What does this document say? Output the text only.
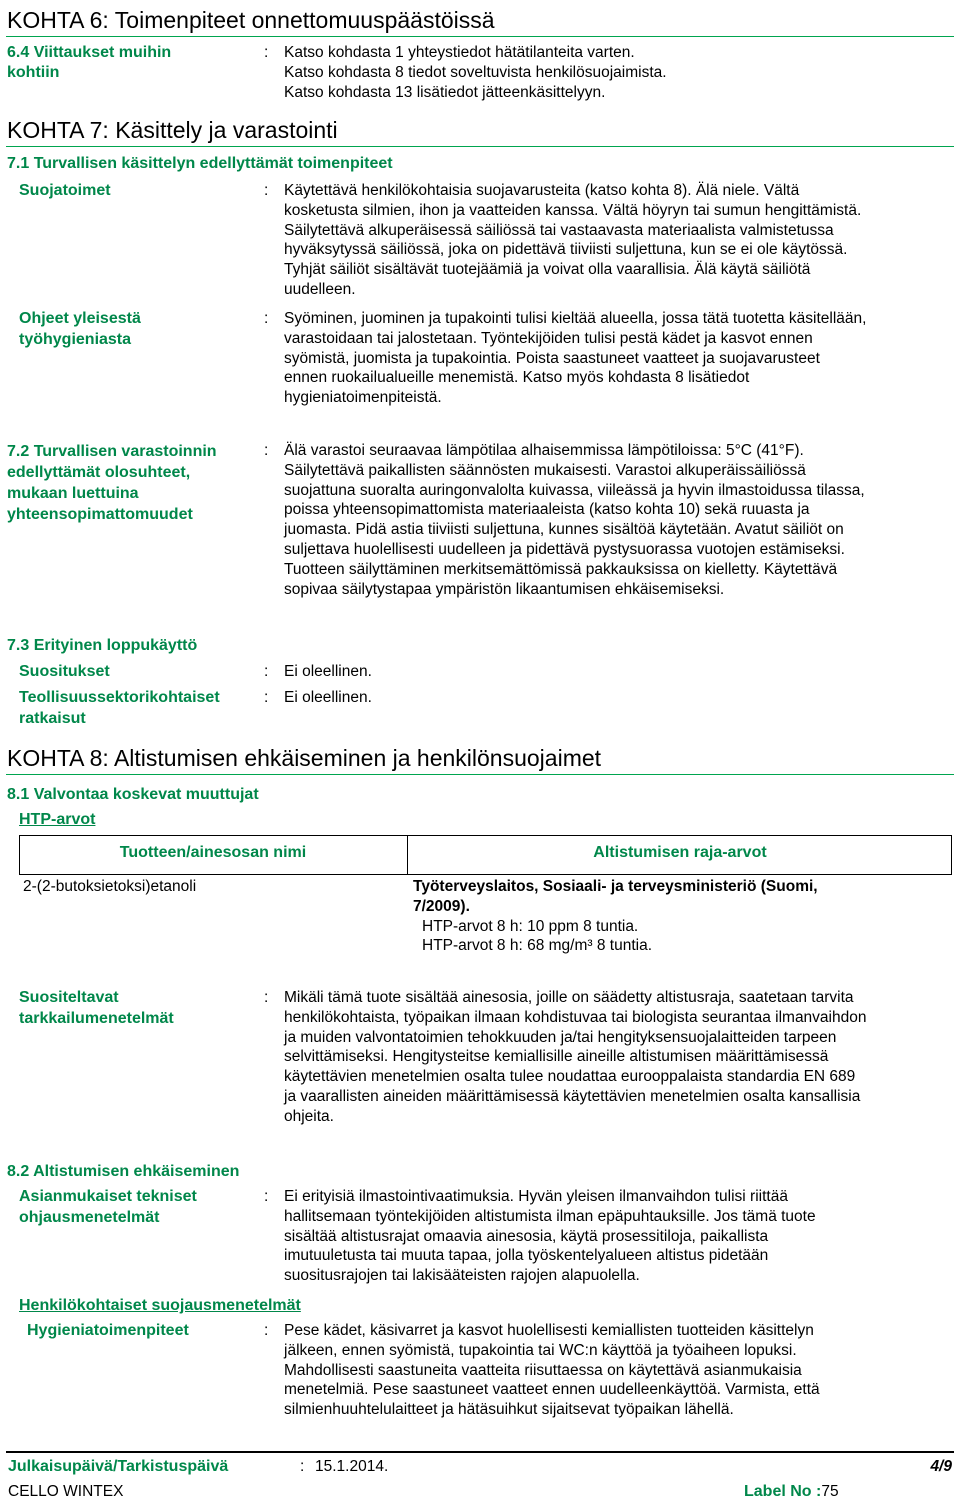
KOHTA 6: Toimenpiteet onnettomuuspäästöissä
6.4 Viittaukset muihin
kohtiin
: Katso kohdasta 1 yhteystiedot hätätilanteita varten.
Katso kohdasta 8 tiedot soveltuvista henkilösuojaimista.
Katso kohdasta 13 lisätiedot jätteenkäsittelyyn.
KOHTA 7: Käsittely ja varastointi
7.1 Turvallisen käsittelyn edellyttämät toimenpiteet
Suojatoimet	: Käytettävä henkilökohtaisia suojavarusteita (katso kohta 8). Älä niele. Vältä
kosketusta silmien, ihon ja vaatteiden kanssa. Vältä höyryn tai sumun hengittämistä.
Säilytettävä alkuperäisessä säiliössä tai vastaavasta materiaalista valmistetussa
hyväksytyssä säiliössä, joka on pidettävä tiiviisti suljettuna, kun se ei ole käytössä.
Tyhjät säiliöt sisältävät tuotejäämiä ja voivat olla vaarallisia. Älä käytä säiliötä
uudelleen.
Ohjeet yleisestä
työhygieniasta
: Syöminen, juominen ja tupakointi tulisi kieltää alueella, jossa tätä tuotetta käsitellään,
varastoidaan tai jalostetaan. Työntekijöiden tulisi pestä kädet ja kasvot ennen
syömistä, juomista ja tupakointia. Poista saastuneet vaatteet ja suojavarusteet
ennen ruokailualueille menemistä. Katso myös kohdasta 8 lisätiedot
hygieniatoimenpiteistä.
7.2 Turvallisen varastoinnin
edellyttämät olosuhteet,
mukaan luettuina
yhteensopimattomuudet
: Älä varastoi seuraavaa lämpötilaa alhaisemmissa lämpötiloissa: 5°C (41°F).
Säilytettävä paikallisten säännösten mukaisesti. Varastoi alkuperäissäiliössä
suojattuna suoralta auringonvalolta kuivassa, viileässä ja hyvin ilmastoidussa tilassa,
poissa yhteensopimattomista materiaaleista (katso kohta 10) sekä ruuasta ja
juomasta. Pidä astia tiiviisti suljettuna, kunnes sisältöä käytetään. Avatut säiliöt on
suljettava huolellisesti uudelleen ja pidettävä pystysuorassa vuotojen estämiseksi.
Tuotteen säilyttäminen merkitsemättömissä pakkauksissa on kielletty. Käytettävä
sopivaa säilytystapaa ympäristön likaantumisen ehkäisemiseksi.
7.3 Erityinen loppukäyttö
Suositukset	: Ei oleellinen.
Teollisuussektorikohtaiset
ratkaisut
: Ei oleellinen.
KOHTA 8: Altistumisen ehkäiseminen ja henkilönsuojaimet
8.1 Valvontaa koskevat muuttujat
HTP-arvot
Tuotteen/ainesosan nimi	Altistumisen raja-arvot
2-(2-butoksietoksi)etanoli	Työterveyslaitos, Sosiaali- ja terveysministeriö (Suomi,
7/2009).
HTP-arvot 8 h: 10 ppm 8 tuntia.
HTP-arvot 8 h: 68 mg/m³ 8 tuntia.
Suositeltavat
tarkkailumenetelmät
: Mikäli tämä tuote sisältää ainesosia, joille on säädetty altistusraja, saatetaan tarvita
henkilökohtaista, työpaikan ilmaan kohdistuvaa tai biologista seurantaa ilmanvaihdon
ja muiden valvontatoimien tehokkuuden ja/tai hengityksensuojalaitteiden tarpeen
selvittämiseksi. Hengitysteitse kemiallisille aineille altistumisen määrittämisessä
käytettävien menetelmien osalta tulee noudattaa eurooppalaista standardia EN 689
ja vaarallisten aineiden määrittämisessä käytettävien menetelmien osalta kansallisia
ohjeita.
8.2 Altistumisen ehkäiseminen
Asianmukaiset tekniset
ohjausmenetelmät
: Ei erityisiä ilmastointivaatimuksia. Hyvän yleisen ilmanvaihdon tulisi riittää
hallitsemaan työntekijöiden altistumista ilman epäpuhtauksille. Jos tämä tuote
sisältää altistusrajat omaavia ainesosia, käytä prosessitiloja, paikallista
imutuuletusta tai muuta tapaa, jolla työskentelyalueen altistus pidetään
suositusrajojen tai lakisääteisten rajojen alapuolella.
Henkilökohtaiset suojausmenetelmät
Hygieniatoimenpiteet	: Pese kädet, käsivarret ja kasvot huolellisesti kemiallisten tuotteiden käsittelyn
jälkeen, ennen syömistä, tupakointia tai WC:n käyttöä ja työaiheen lopuksi.
Mahdollisesti saastuneita vaatteita riisuttaessa on käytettävä asianmukaisia
menetelmiä. Pese saastuneet vaatteet ennen uudelleenkäyttöä. Varmista, että
silmienhuuhtelulaitteet ja hätäsuihkut sijaitsevat työpaikan lähellä.
Julkaisupäivä/Tarkistuspäivä	: 15.1.2014.	4/9
CELLO WINTEX	Label No :75
